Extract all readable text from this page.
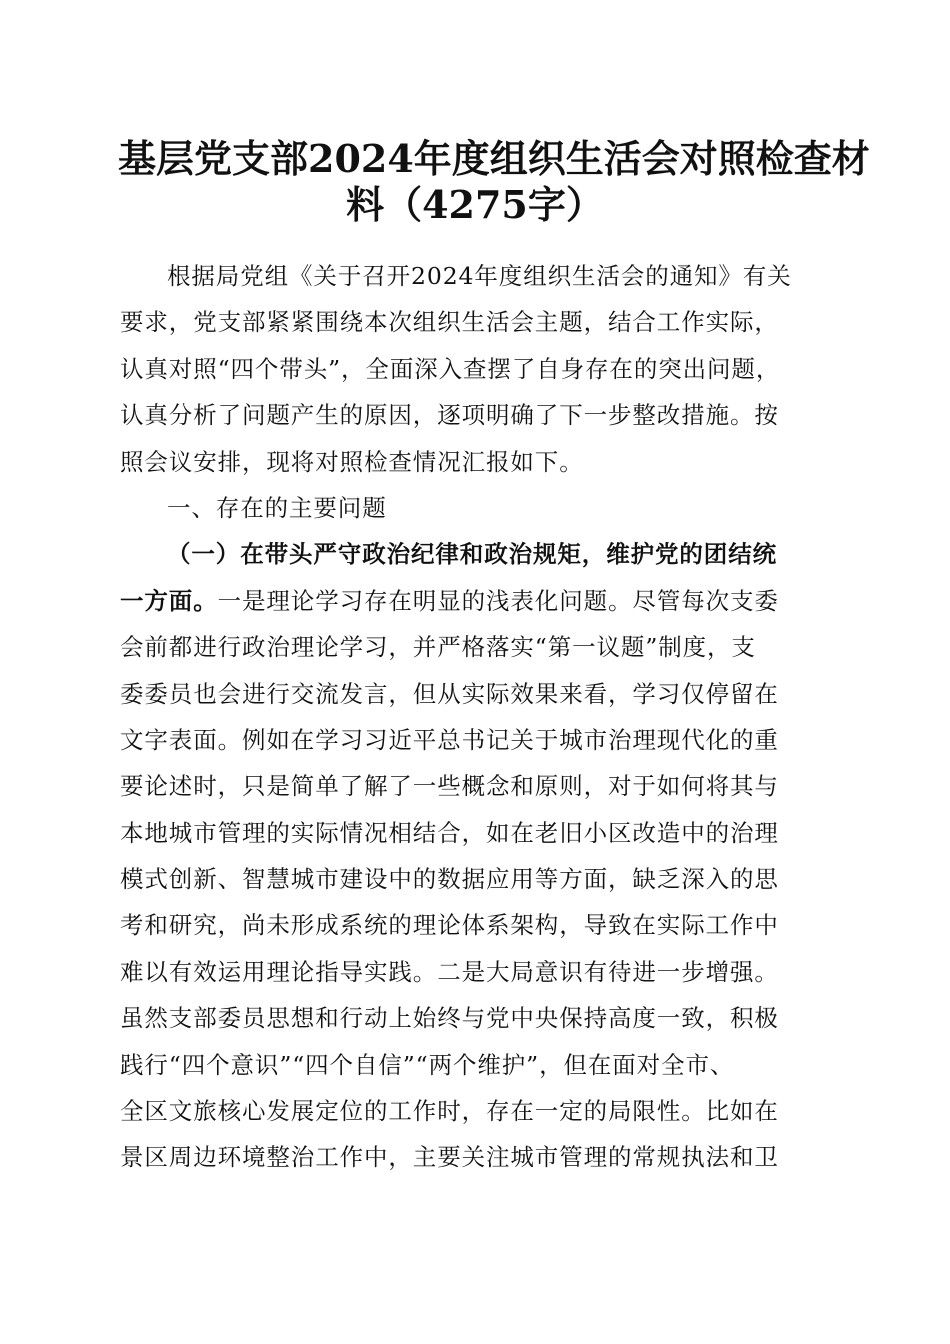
基层党支部2024年度组织生活会对照检查材
料（4275字）
根据局党组《关于召开2024年度组织生活会的通知》有关
要求，党支部紧紧围绕本次组织生活会主题，结合工作实际，
认真对照“四个带头”，全面深入查摆了自身存在的突出问题，
认真分析了问题产生的原因，逐项明确了下一步整改措施。按
照会议安排，现将对照检查情况汇报如下。
一、存在的主要问题
（一）在带头严守政治纪律和政治规矩，维护党的团结统
一方面。一是理论学习存在明显的浅表化问题。尽管每次支委
会前都进行政治理论学习，并严格落实“第一议题”制度，支
委委员也会进行交流发言，但从实际效果来看，学习仅停留在
文字表面。例如在学习习近平总书记关于城市治理现代化的重
要论述时，只是简单了解了一些概念和原则，对于如何将其与
本地城市管理的实际情况相结合，如在老旧小区改造中的治理
模式创新、智慧城市建设中的数据应用等方面，缺乏深入的思
考和研究，尚未形成系统的理论体系架构，导致在实际工作中
难以有效运用理论指导实践。二是大局意识有待进一步增强。
虽然支部委员思想和行动上始终与党中央保持高度一致，积极
践行“四个意识”“四个自信”“两个维护”，但在面对全市、
全区文旅核心发展定位的工作时，存在一定的局限性。比如在
景区周边环境整治工作中，主要关注城市管理的常规执法和卫
